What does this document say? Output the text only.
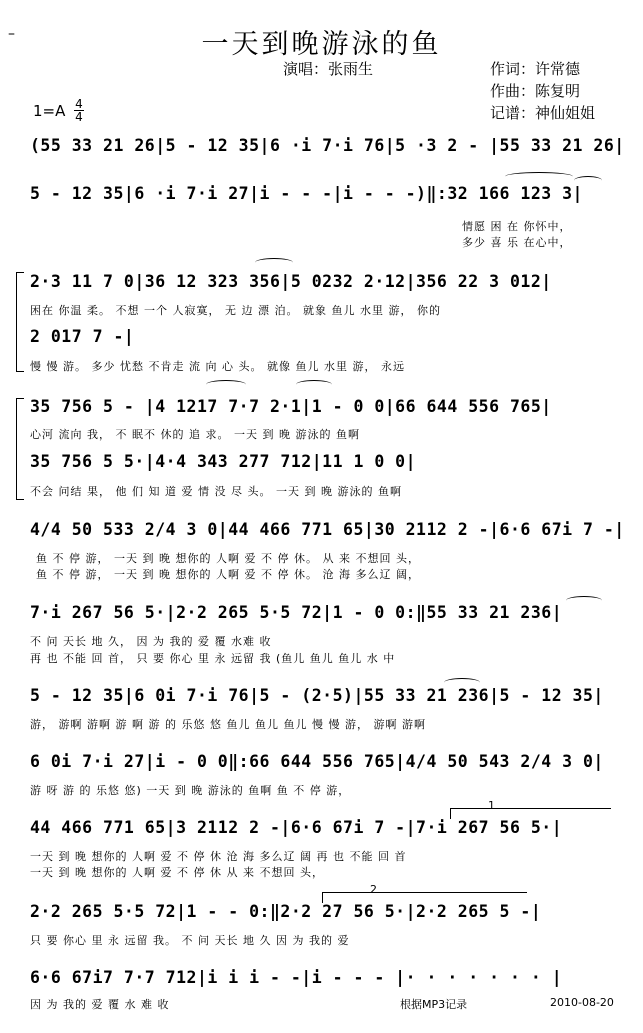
–	一天到晚游泳的鱼
演唱：张雨生	作词：许常德
作曲：陈复明
记谱：神仙姐姐
1=A 4
4
1
2
(55 33 21 26|5 - 12 35|6 ·i 7·i 76|5 ·3 2 - |55 33 21 26|
5 - 12 35|6 ·i 7·i 27|i - - -|i - - -)‖:32 166 123 3|
情愿 困 在 你怀中，
多少 喜 乐 在心中，
2·3 11 7 0|36 12 323 356|5 0232 2·12|356 22 3 012|
困在 你温 柔。 不想 一个 人寂寞， 无 边 漂 泊。 就象 鱼儿 水里 游， 你的
2 017 7 -|
慢 慢 游。 多少 忧愁 不肯走 流 向 心 头。 就像 鱼儿 水里 游， 永远
35 756 5 - |4 1217 7·7 2·1|1 - 0 0|66 644 556 765|
心河 流向 我， 不 眠不 休的 追 求。 一天 到 晚 游泳的 鱼啊
35 756 5 5·|4·4 343 277 712|11 1 0 0|
不会 问结 果， 他 们 知 道 爱 情 没 尽 头。 一天 到 晚 游泳的 鱼啊
4/4 50 533 2/4 3 0|44 466 771 65|30 2112 2 -|6·6 67i 7 -|
鱼 不 停 游， 一天 到 晚 想你的 人啊 爱 不 停 休。 从 来 不想回 头，
鱼 不 停 游， 一天 到 晚 想你的 人啊 爱 不 停 休。 沧 海 多么辽 阔，
7·i 267 56 5·|2·2 265 5·5 72|1 - 0 0:‖55 33 21 236|
不 问 天长 地 久， 因 为 我的 爱 覆 水难 收
再 也 不能 回 首， 只 要 你心 里 永 远留 我 (鱼儿 鱼儿 鱼儿 水 中
5 - 12 35|6 0i 7·i 76|5 - (2·5)|55 33 21 236|5 - 12 35|
游， 游啊 游啊 游 啊 游 的 乐悠 悠 鱼儿 鱼儿 鱼儿 慢 慢 游， 游啊 游啊
6 0i 7·i 27|i - 0 0‖:66 644 556 765|4/4 50 543 2/4 3 0|
游 呀 游 的 乐悠 悠) 一天 到 晚 游泳的 鱼啊 鱼 不 停 游，
44 466 771 65|3 2112 2 -|6·6 67i 7 -|7·i 267 56 5·|
一天 到 晚 想你的 人啊 爱 不 停 休 沧 海 多么辽 阔 再 也 不能 回 首
一天 到 晚 想你的 人啊 爱 不 停 休 从 来 不想回 头，
2·2 265 5·5 72|1 - - 0:‖2·2 27 56 5·|2·2 265 5 -|
只 要 你心 里 永 远留 我。 不 问 天长 地 久 因 为 我的 爱
6·6 67i7 7·7 712|i i i - -|i - - - |· · · · · · · |
因 为 我的 爱 覆 水 难 收	根据MP3记录	2010-08-20
